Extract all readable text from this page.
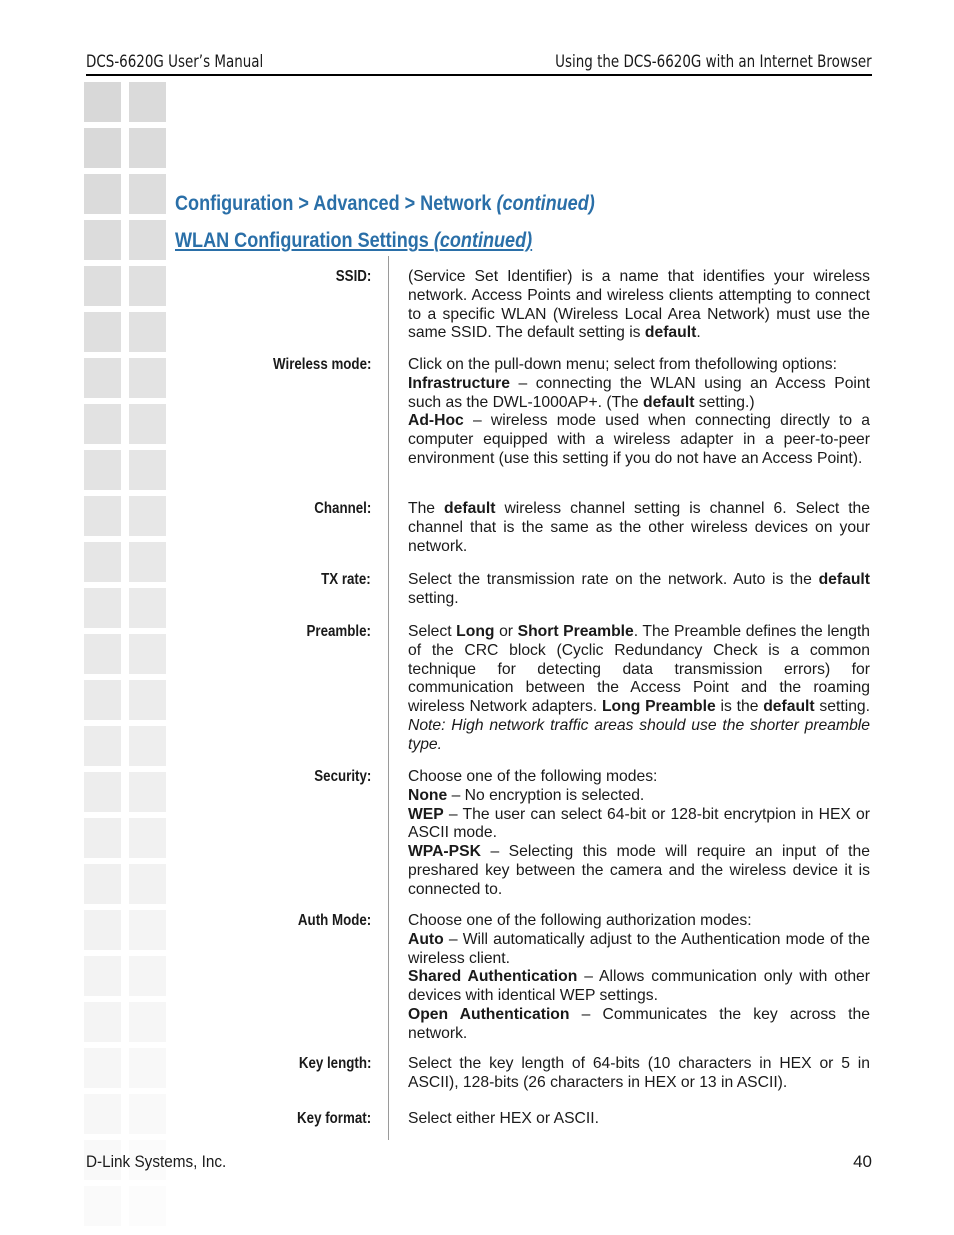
DCS-6620G User’s Manual	Using the DCS-6620G with an Internet Browser
Configuration > Advanced > Network (continued)
WLAN Configuration Settings (continued)
SSID: (Service Set Identifier) is a name that identifies your wireless network. Access Points and wireless clients attempting to connect to a specific WLAN (Wireless Local Area Network) must use the same SSID. The default setting is default.
Wireless mode: Click on the pull-down menu; select from thefollowing options:
Infrastructure – connecting the WLAN using an Access Point such as the DWL-1000AP+. (The default setting.)
Ad-Hoc – wireless mode used when connecting directly to a computer equipped with a wireless adapter in a peer-to-peer environment (use this setting if you do not have an Access Point).
Channel: The default wireless channel setting is channel 6. Select the channel that is the same as the other wireless devices on your network.
TX rate: Select the transmission rate on the network. Auto is the default setting.
Preamble: Select Long or Short Preamble. The Preamble defines the length of the CRC block (Cyclic Redundancy Check is a common technique for detecting data transmission errors) for communication between the Access Point and the roaming wireless Network adapters. Long Preamble is the default setting. Note: High network traffic areas should use the shorter preamble type.
Security: Choose one of the following modes:
None – No encryption is selected.
WEP – The user can select 64-bit or 128-bit encrytpion in HEX or ASCII mode.
WPA-PSK – Selecting this mode will require an input of the preshared key between the camera and the wireless device it is connected to.
Auth Mode: Choose one of the following authorization modes:
Auto – Will automatically adjust to the Authentication mode of the wireless client.
Shared Authentication – Allows communication only with other devices with identical WEP settings.
Open Authentication – Communicates the key across the network.
Key length: Select the key length of 64-bits (10 characters in HEX or 5 in ASCII), 128-bits (26 characters in HEX or 13 in ASCII).
Key format: Select either HEX or ASCII.
D-Link Systems, Inc.	40
